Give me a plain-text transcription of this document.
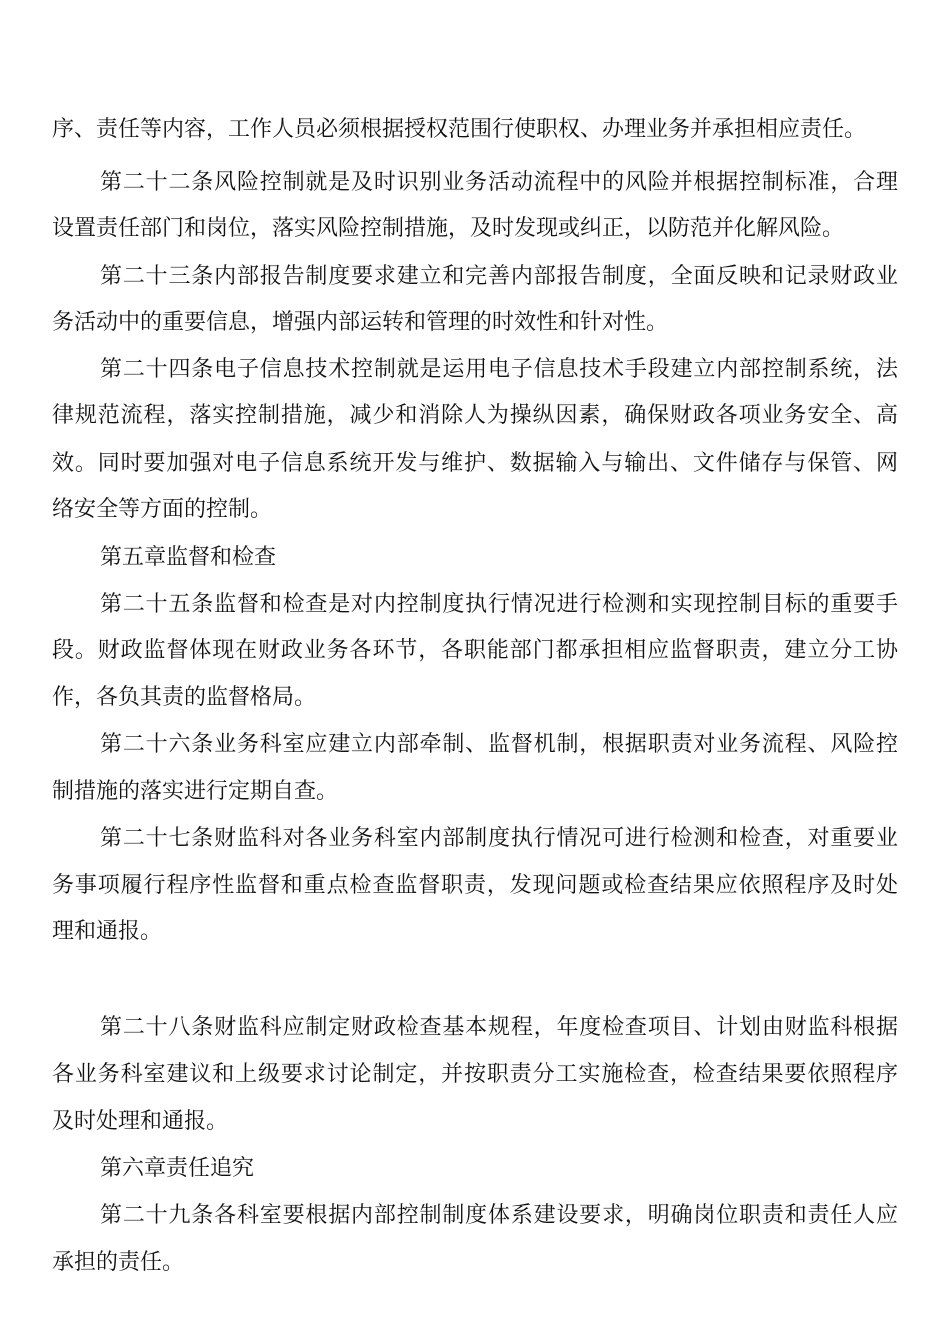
序、责任等内容，工作人员必须根据授权范围行使职权、办理业务并承担相应责任。
第二十二条风险控制就是及时识别业务活动流程中的风险并根据控制标准，合理
设置责任部门和岗位，落实风险控制措施，及时发现或纠正，以防范并化解风险。
第二十三条内部报告制度要求建立和完善内部报告制度，全面反映和记录财政业
务活动中的重要信息，增强内部运转和管理的时效性和针对性。
第二十四条电子信息技术控制就是运用电子信息技术手段建立内部控制系统，法
律规范流程，落实控制措施，减少和消除人为操纵因素，确保财政各项业务安全、高
效。同时要加强对电子信息系统开发与维护、数据输入与输出、文件储存与保管、网
络安全等方面的控制。
第五章监督和检查
第二十五条监督和检查是对内控制度执行情况进行检测和实现控制目标的重要手
段。财政监督体现在财政业务各环节，各职能部门都承担相应监督职责，建立分工协
作，各负其责的监督格局。
第二十六条业务科室应建立内部牵制、监督机制，根据职责对业务流程、风险控
制措施的落实进行定期自查。
第二十七条财监科对各业务科室内部制度执行情况可进行检测和检查，对重要业
务事项履行程序性监督和重点检查监督职责，发现问题或检查结果应依照程序及时处
理和通报。
第二十八条财监科应制定财政检查基本规程，年度检查项目、计划由财监科根据
各业务科室建议和上级要求讨论制定，并按职责分工实施检查，检查结果要依照程序
及时处理和通报。
第六章责任追究
第二十九条各科室要根据内部控制制度体系建设要求，明确岗位职责和责任人应
承担的责任。
